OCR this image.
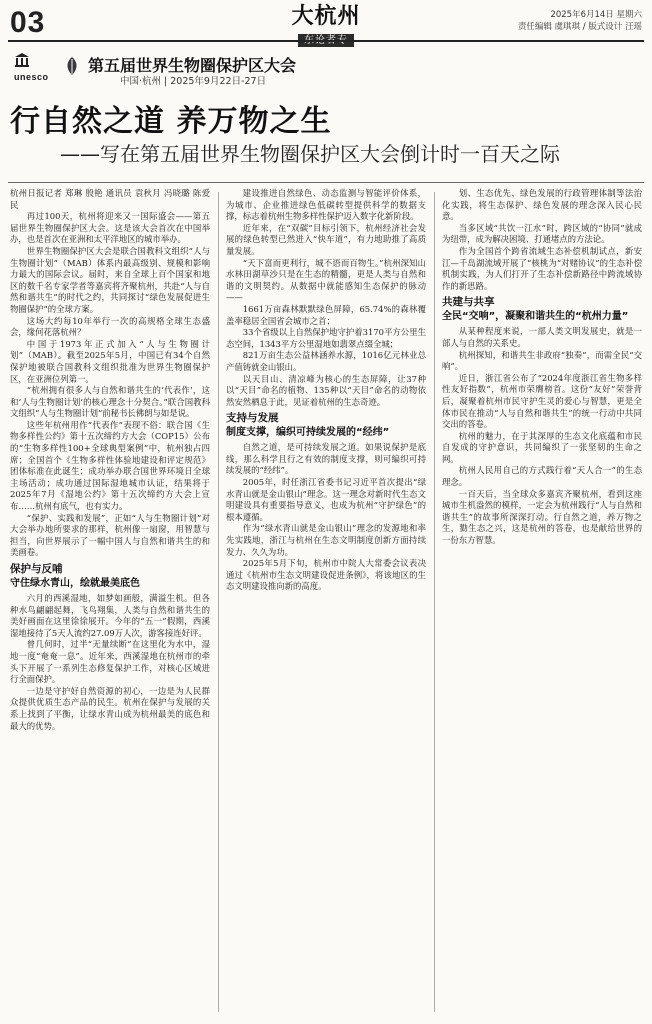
03	大杭州	2025年6月14日 星期六
责任编辑 虞琪琪 / 版式设计 汪瑶
unesco
第五届世界生物圈保护区大会
中国·杭州 | 2025年9月22日-27日
行自然之道 养万物之生
——写在第五届世界生物圈保护区大会倒计时一百天之际

杭州日报记者 郑琳 殷艳 通讯员 袁秋月 冯晓璐 陈爱民

再过100天，杭州将迎来又一国际盛会——第五届世界生物圈保护区大会。这是该大会首次在中国举办，也是首次在亚洲和太平洋地区的城市举办。

世界生物圈保护区大会是联合国教科文组织“人与生物圈计划”（MAB）体系内最高级别、规模和影响力最大的国际会议。届时，来自全球上百个国家和地区的数千名专家学者等嘉宾将齐聚杭州，共赴“人与自然和谐共生”的时代之约，共同探讨“绿色发展促进生物圈保护”的全球方案。

这场大约每10年举行一次的高规格全球生态盛会，缘何花落杭州？

中国于1973年正式加入“人与生物圈计划”（MAB）。截至2025年5月，中国已有34个自然保护地被联合国教科文组织批准为世界生物圈保护区，在亚洲位列第一。

“杭州拥有很多人与自然和谐共生的‘代表作’，这和‘人与生物圈计划’的核心理念十分契合。”联合国教科文组织“人与生物圈计划”前秘书长佛朗与如是说。

这些年杭州用作“代表作”表现不俗：联合国《生物多样性公约》第十五次缔约方大会（COP15）公布的“生物多样性100+全球典型案例”中，杭州独占四席；全国首个《生物多样性体验地建设和评定规范》团体标准在此诞生；成功举办联合国世界环境日全球主场活动；成功通过国际湿地城市认证，结果将于2025年7月《湿地公约》第十五次缔约方大会上宣布……杭州有底气，也有实力。

“保护、实践和发展”，正如“人与生物圈计划”对大会举办地所要求的那样，杭州像一扇窗，用智慧与担当，向世界展示了一幅中国人与自然和谐共生的和美画卷。

保护与反哺
守住绿水青山，绘就最美底色

六月的西溪湿地，如梦如画般，满溢生机。但各种水鸟翩翩起舞，飞鸟翔集，人类与自然和谐共生的美好画面在这里徐徐展开。今年的“五一”假期，西溪湿地接待了5天人流约27.09万人次，游客接连好评。

曾几何时，过半“无量续断”在这里化为水中，湿地一度“奄奄一息”。近年来，西溪湿地在杭州市的牵头下开展了一系列生态修复保护工作，对核心区域进行全面保护。

一边是守护好自然资源的初心，一边是为人民群众提供优质生态产品的民生。杭州在保护与发展的关系上找到了平衡，让绿水青山成为杭州最美的底色和最大的优势。

建设推进自然绿色、动态监测与智能评价体系，为城市、企业推进绿色低碳转型提供科学的数据支撑，标志着杭州生物多样性保护迈入数字化新阶段。

近年来，在“双碳”目标引领下，杭州经济社会发展的绿色转型已然进入“快车道”，有力地助推了高质量发展。

“天下富而更利行，城不语而百物生。”杭州深知山水林田湖草沙只是在生态的精髓，更是人类与自然和谐的文明契约。从数据中就能感知生态保护的脉动——

1661万亩森林默默绿色屏障，65.74%的森林覆盖率稳居全国省会城市之首；

33个省级以上自然保护地守护着3170平方公里生态空间，1343平方公里湿地如翡翠点缀全城；

821万亩生态公益林涵养水源，1016亿元林业总产值铸就金山银山。

以天目山、清凉峰为核心的生态屏障，让37种以“天目”命名的植物、135种以“天目”命名的动物依然安然栖息于此，见证着杭州的生态奇迹。

支持与发展
制度支撑，编织可持续发展的“经纬”

自然之道，是可持续发展之道。如果说保护是底线，那么科学且行之有效的制度支撑，则可编织可持续发展的“经纬”。

2005年，时任浙江省委书记习近平首次提出“绿水青山就是金山银山”理念。这一理念对新时代生态文明建设具有重要指导意义，也成为杭州“守护绿色”的根本遵循。

作为“绿水青山就是金山银山”理念的发源地和率先实践地，浙江与杭州在生态文明制度创新方面持续发力、久久为功。

2025年5月下旬，杭州市中院人大常委会议表决通过《杭州市生态文明建设促进条例》，将该地区的生态文明建设推向新的高度。

划、生态优先、绿色发展的行政管理体制等法治化实践，将生态保护、绿色发展的理念深入民心民意。

当多区域“共饮一江水”时，跨区域的“协同”就成为纽带，成为解决困境、打通堵点的方法论。

作为全国首个跨省流域生态补偿机制试点，新安江—千岛湖流域开展了“核桃为“对赌协议”的生态补偿机制实践，为人们打开了生态补偿新路径中跨流域协作的新思路。

共建与共享
全民“交响”，凝聚和谐共生的“杭州力量”

从某种程度来说，一部人类文明发展史，就是一部人与自然的关系史。

杭州探知，和谐共生非政府“独奏”，而需全民“交响”。

近日，浙江省公布了“2024年度浙江省生物多样性友好指数”，杭州市荣膺榜首。这份“友好”荣誉背后，凝聚着杭州市民守护生灵的爱心与智慧，更是全体市民在推动“人与自然和谐共生”的统一行动中共同交出的答卷。

杭州的魅力，在于其深厚的生态文化底蕴和市民自发成的守护意识，共同编织了一张坚韧的生命之网。

杭州人民用自己的方式践行着“天人合一”的生态理念。

一百天后，当全球众多嘉宾齐聚杭州，看到这座城市生机盎然的模样，一定会为杭州践行“人与自然和谐共生”的故事所深深打动。行自然之道，养万物之生，勠生态之兴，这是杭州的答卷，也是献给世界的一份东方智慧。
